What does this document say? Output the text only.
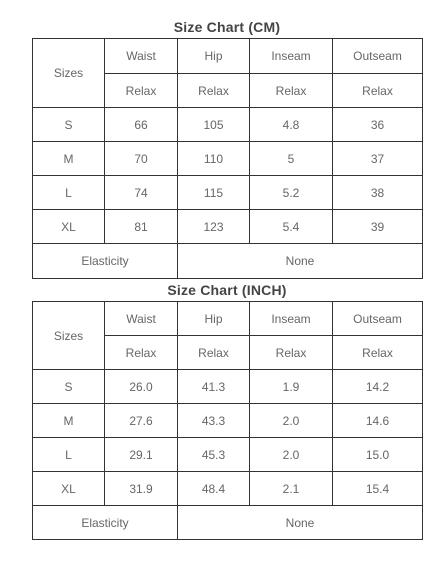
Size Chart (CM)
Sizes	Waist	Hip	Inseam	Outseam
	Relax	Relax	Relax	Relax
S	66	105	4.8	36
M	70	110	5	37
L	74	115	5.2	38
XL	81	123	5.4	39
Elasticity		None		
Size Chart (INCH)
Sizes	Waist	Hip	Inseam	Outseam
	Relax	Relax	Relax	Relax
S	26.0	41.3	1.9	14.2
M	27.6	43.3	2.0	14.6
L	29.1	45.3	2.0	15.0
XL	31.9	48.4	2.1	15.4
Elasticity		None		
